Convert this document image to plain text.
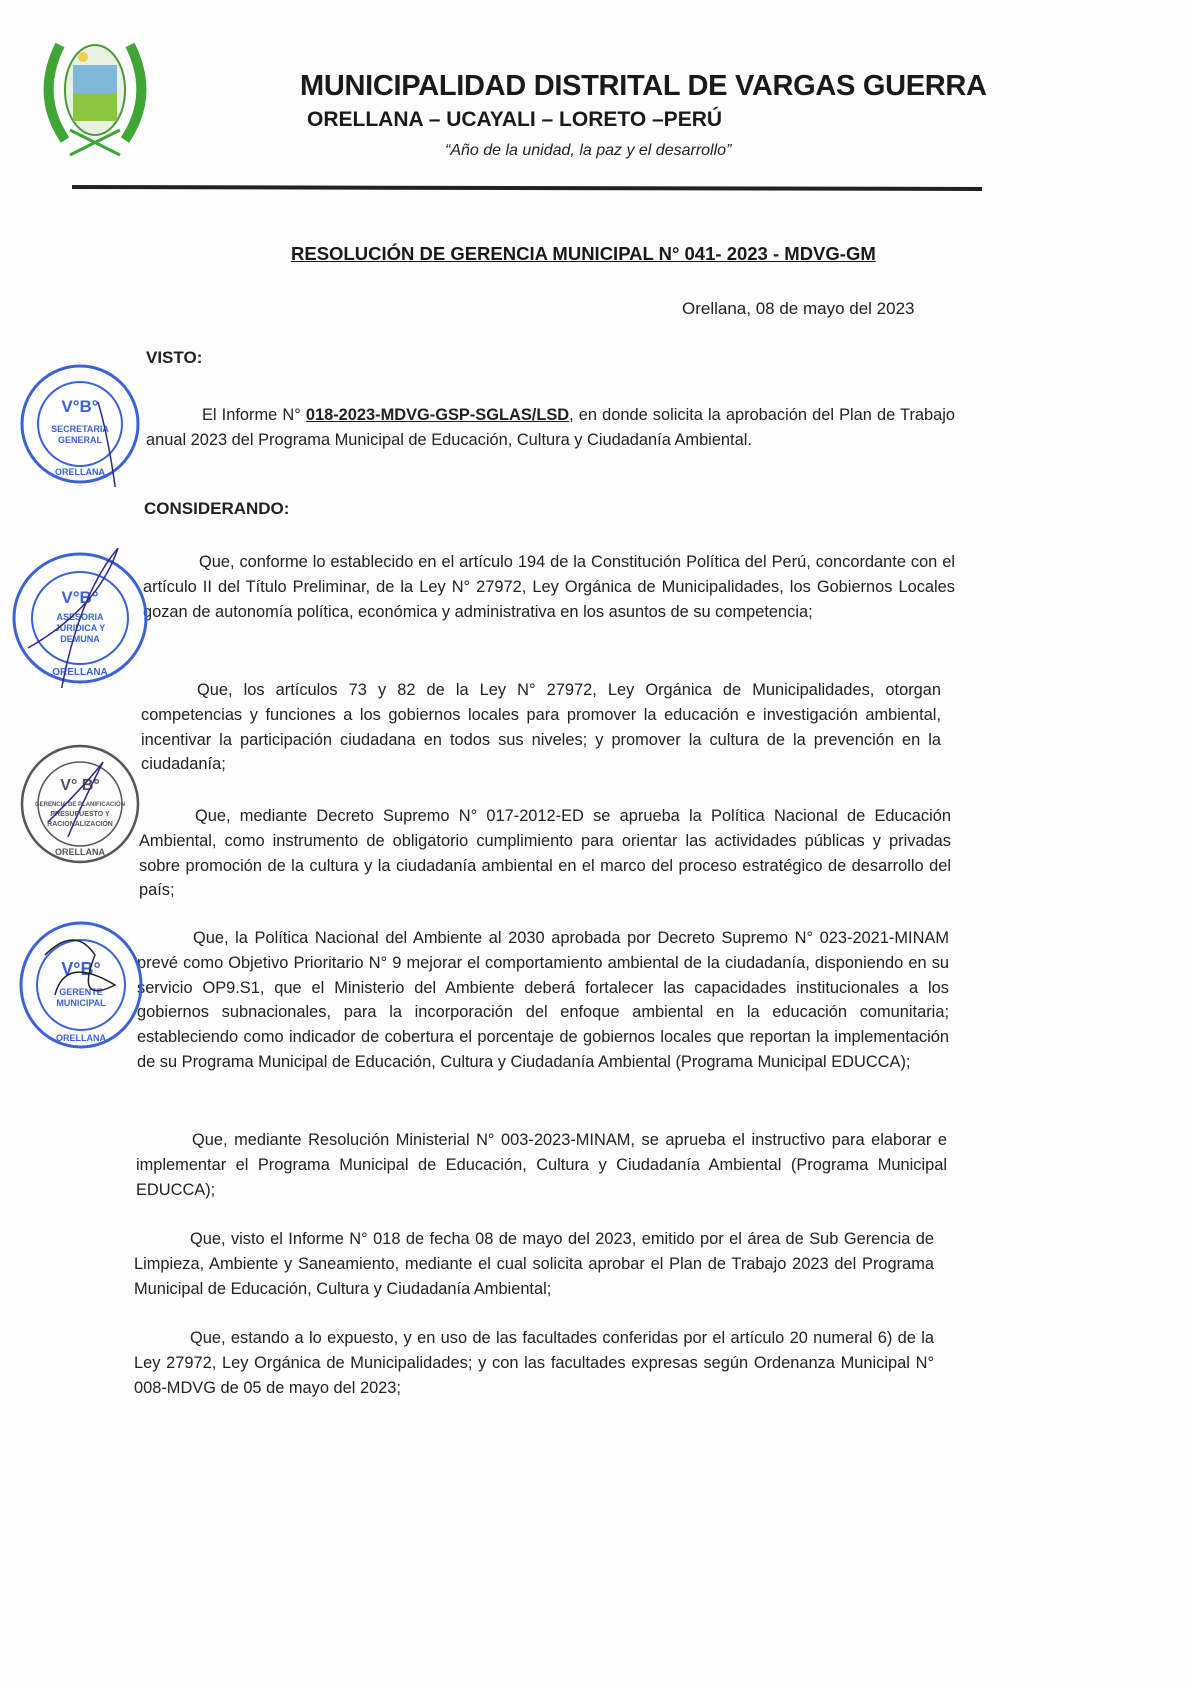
MUNICIPALIDAD DISTRITAL DE VARGAS GUERRA
ORELLANA – UCAYALI – LORETO –PERÚ
“Año de la unidad, la paz y el desarrollo”
RESOLUCIÓN DE GERENCIA MUNICIPAL N° 041- 2023 - MDVG-GM
Orellana, 08 de mayo del 2023
VISTO:
El Informe N° 018-2023-MDVG-GSP-SGLAS/LSD, en donde solicita la aprobación del Plan de Trabajo anual 2023 del Programa Municipal de Educación, Cultura y Ciudadanía Ambiental.
CONSIDERANDO:
Que, conforme lo establecido en el artículo 194 de la Constitución Política del Perú, concordante con el artículo II del Título Preliminar, de la Ley N° 27972, Ley Orgánica de Municipalidades, los Gobiernos Locales gozan de autonomía política, económica y administrativa en los asuntos de su competencia;
Que, los artículos 73 y 82 de la Ley N° 27972, Ley Orgánica de Municipalidades, otorgan competencias y funciones a los gobiernos locales para promover la educación e investigación ambiental, incentivar la participación ciudadana en todos sus niveles; y promover la cultura de la prevención en la ciudadanía;
Que, mediante Decreto Supremo N° 017-2012-ED se aprueba la Política Nacional de Educación Ambiental, como instrumento de obligatorio cumplimiento para orientar las actividades públicas y privadas sobre promoción de la cultura y la ciudadanía ambiental en el marco del proceso estratégico de desarrollo del país;
Que, la Política Nacional del Ambiente al 2030 aprobada por Decreto Supremo N° 023-2021-MINAM prevé como Objetivo Prioritario N° 9 mejorar el comportamiento ambiental de la ciudadanía, disponiendo en su servicio OP9.S1, que el Ministerio del Ambiente deberá fortalecer las capacidades institucionales a los gobiernos subnacionales, para la incorporación del enfoque ambiental en la educación comunitaria; estableciendo como indicador de cobertura el porcentaje de gobiernos locales que reportan la implementación de su Programa Municipal de Educación, Cultura y Ciudadanía Ambiental (Programa Municipal EDUCCA);
Que, mediante Resolución Ministerial N° 003-2023-MINAM, se aprueba el instructivo para elaborar e implementar el Programa Municipal de Educación, Cultura y Ciudadanía Ambiental (Programa Municipal EDUCCA);
Que, visto el Informe N° 018 de fecha 08 de mayo del 2023, emitido por el área de Sub Gerencia de Limpieza, Ambiente y Saneamiento, mediante el cual solicita aprobar el Plan de Trabajo 2023 del Programa Municipal de Educación, Cultura y Ciudadanía Ambiental;
Que, estando a lo expuesto, y en uso de las facultades conferidas por el artículo 20 numeral 6) de la Ley 27972, Ley Orgánica de Municipalidades; y con las facultades expresas según Ordenanza Municipal N° 008-MDVG de 05 de mayo del 2023;
V°B°
SECRETARIA
GENERAL
ORELLANA
V°B°
ASESORIA
JURIDICA Y
DEMUNA
ORELLANA
V° B°
GERENCIA DE PLANIFICACIÓN
PRESUPUESTO Y
RACIONALIZACIÓN
ORELLANA
V°B°
GERENTE
MUNICIPAL
ORELLANA
